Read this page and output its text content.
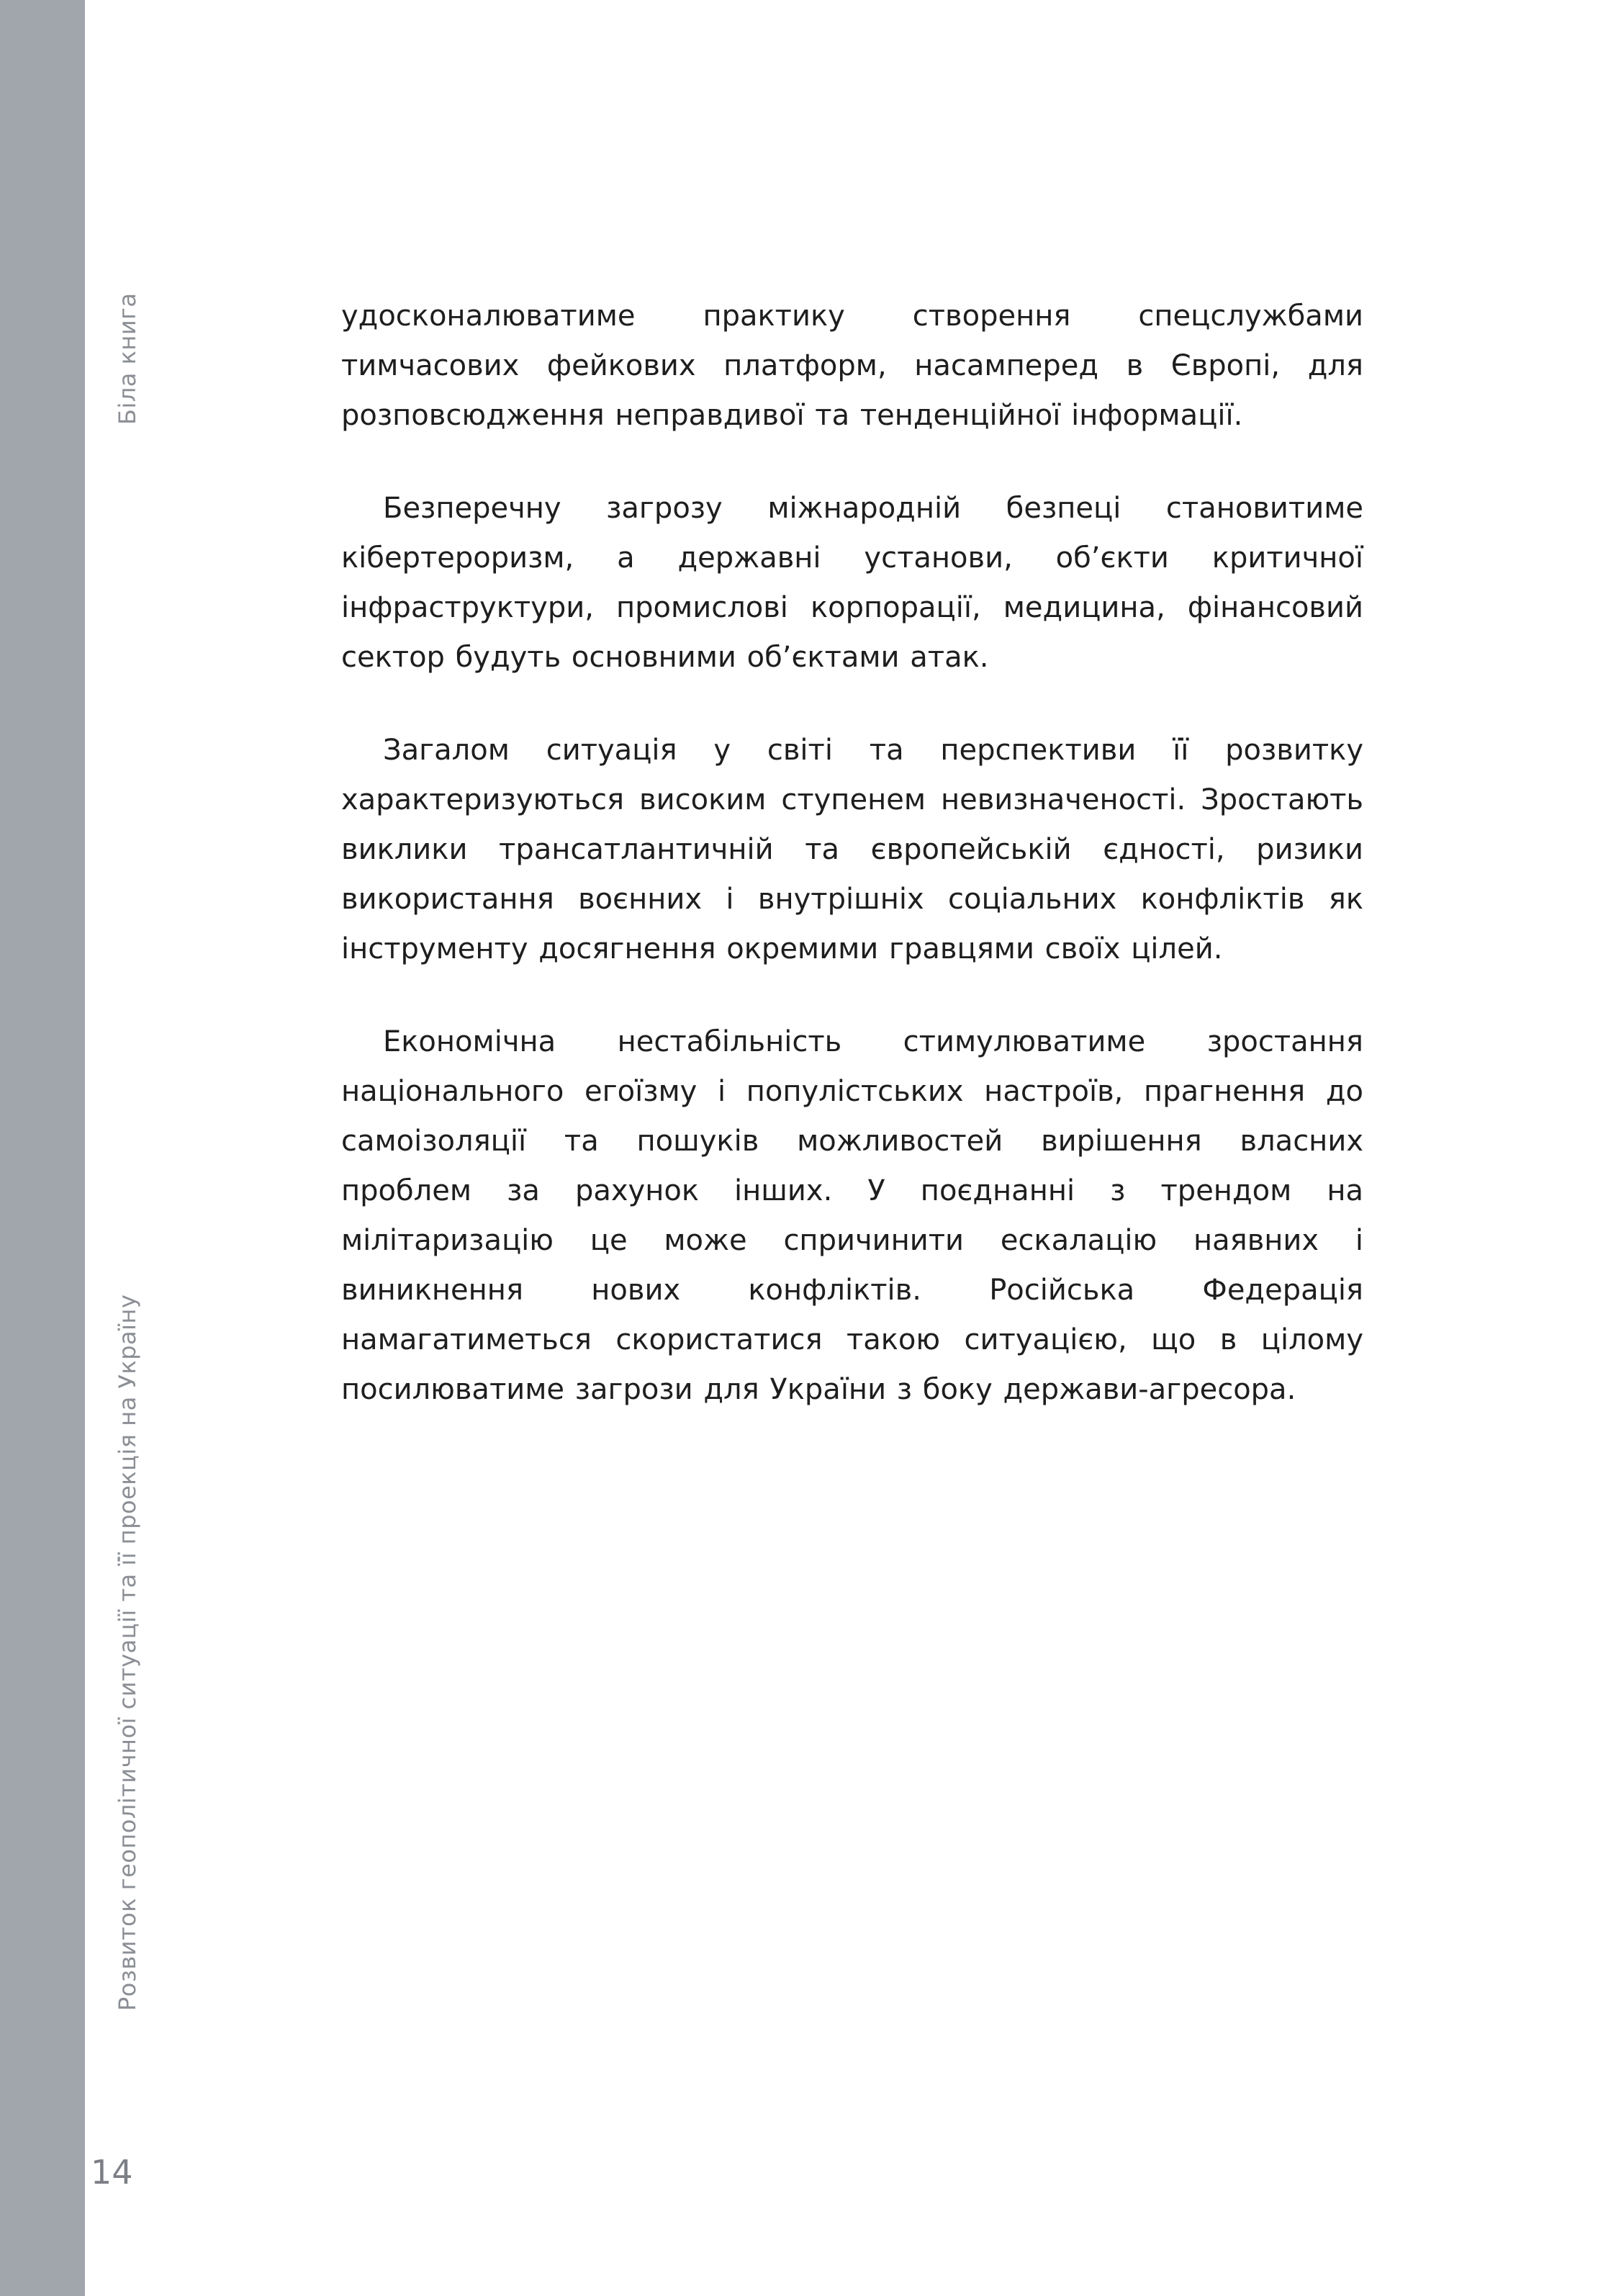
Біла книга
Розвиток геополітичної ситуації та її проекція на Україну
14

удосконалюватиме практику створення спецслужбами тимчасових фейкових платформ, насамперед в Європі, для розповсюдження неправдивої та тенденційної інформації.

Безперечну загрозу міжнародній безпеці становитиме кібертероризм, а державні установи, об’єкти критичної інфраструктури, промислові корпорації, медицина, фінансовий сектор будуть основними об’єктами атак.

Загалом ситуація у світі та перспективи її розвитку характеризуються високим ступенем невизначеності. Зростають виклики трансатлантичній та європейській єдності, ризики використання воєнних і внутрішніх соціальних конфліктів як інструменту досягнення окремими гравцями своїх цілей.

Економічна нестабільність стимулюватиме зростання національного егоїзму і популістських настроїв, прагнення до самоізоляції та пошуків можливостей вирішення власних проблем за рахунок інших. У поєднанні з трендом на мілітаризацію це може спричинити ескалацію наявних і виникнення нових конфліктів. Російська Федерація намагатиметься скористатися такою ситуацією, що в цілому посилюватиме загрози для України з боку держави-агресора.
